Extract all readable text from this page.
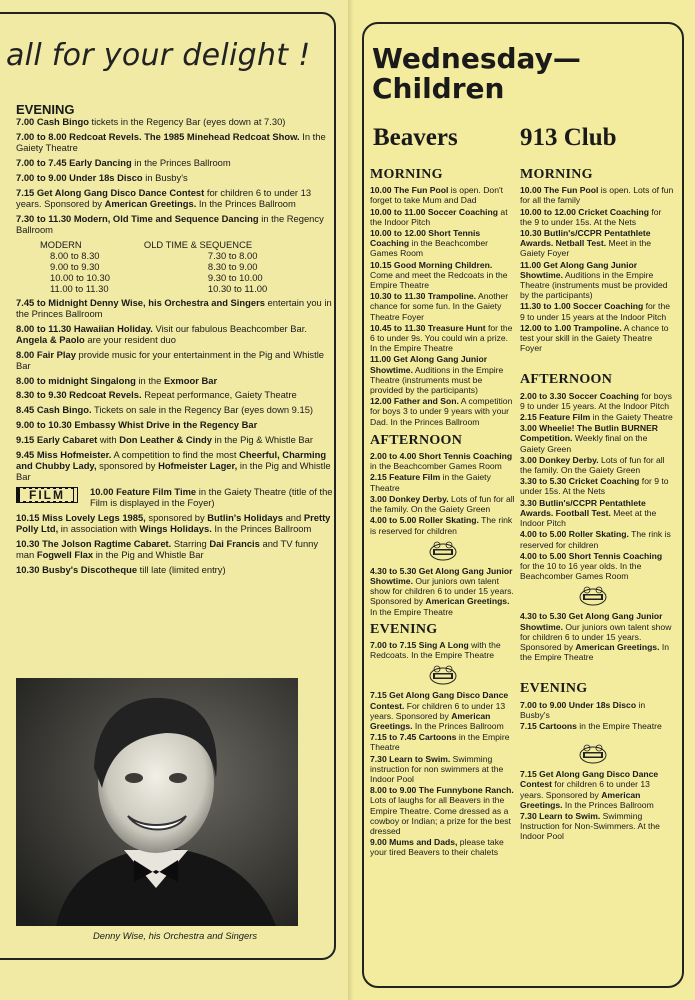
all for your delight !
EVENING
7.00 Cash Bingo tickets in the Regency Bar (eyes down at 7.30)
7.00 to 8.00 Redcoat Revels. The 1985 Minehead Redcoat Show. In the Gaiety Theatre
7.00 to 7.45 Early Dancing in the Princes Ballroom
7.00 to 9.00 Under 18s Disco in Busby's
7.15 Get Along Gang Disco Dance Contest for children 6 to under 13 years. Sponsored by American Greetings. In the Princes Ballroom
7.30 to 11.30 Modern, Old Time and Sequence Dancing in the Regency Ballroom
MODERN
8.00 to 8.30
9.00 to 9.30
10.00 to 10.30
11.00 to 11.30
OLD TIME & SEQUENCE
7.30 to 8.00
8.30 to 9.00
9.30 to 10.00
10.30 to 11.00
7.45 to Midnight Denny Wise, his Orchestra and Singers entertain you in the Princes Ballroom
8.00 to 11.30 Hawaiian Holiday. Visit our fabulous Beachcomber Bar. Angela & Paolo are your resident duo
8.00 Fair Play provide music for your entertainment in the Pig and Whistle Bar
8.00 to midnight Singalong in the Exmoor Bar
8.30 to 9.30 Redcoat Revels. Repeat performance, Gaiety Theatre
8.45 Cash Bingo. Tickets on sale in the Regency Bar (eyes down 9.15)
9.00 to 10.30 Embassy Whist Drive in the Regency Bar
9.15 Early Cabaret with Don Leather & Cindy in the Pig & Whistle Bar
9.45 Miss Hofmeister. A competition to find the most Cheerful, Charming and Chubby Lady, sponsored by Hofmeister Lager, in the Pig and Whistle Bar
FILM	10.00 Feature Film Time in the Gaiety Theatre (title of the Film is displayed in the Foyer)
10.15 Miss Lovely Legs 1985, sponsored by Butlin's Holidays and Pretty Polly Ltd, in association with Wings Holidays. In the Princes Ballroom
10.30 The Jolson Ragtime Cabaret. Starring Dai Francis and TV funny man Fogwell Flax in the Pig and Whistle Bar
10.30 Busby's Discotheque till late (limited entry)
Denny Wise, his Orchestra and Singers
Wednesday—
Children
Beavers 913 Club
MORNING
10.00 The Fun Pool is open. Don't forget to take Mum and Dad
10.00 to 11.00 Soccer Coaching at the Indoor Pitch
10.00 to 12.00 Short Tennis Coaching in the Beachcomber Games Room
10.15 Good Morning Children. Come and meet the Redcoats in the Empire Theatre
10.30 to 11.30 Trampoline. Another chance for some fun. In the Gaiety Theatre Foyer
10.45 to 11.30 Treasure Hunt for the 6 to under 9s. You could win a prize. In the Empire Theatre
11.00 Get Along Gang Junior Showtime. Auditions in the Empire Theatre (instruments must be provided by the participants)
12.00 Father and Son. A competition for boys 3 to under 9 years with your Dad. In the Princes Ballroom
AFTERNOON
2.00 to 4.00 Short Tennis Coaching in the Beachcomber Games Room
2.15 Feature Film in the Gaiety Theatre
3.00 Donkey Derby. Lots of fun for all the family. On the Gaiety Green
4.00 to 5.00 Roller Skating. The rink is reserved for children
4.30 to 5.30 Get Along Gang Junior Showtime. Our juniors own talent show for children 6 to under 15 years. Sponsored by American Greetings. In the Empire Theatre
EVENING
7.00 to 7.15 Sing A Long with the Redcoats. In the Empire Theatre
7.15 Get Along Gang Disco Dance Contest. For children 6 to under 13 years. Sponsored by American Greetings. In the Princes Ballroom
7.15 to 7.45 Cartoons in the Empire Theatre
7.30 Learn to Swim. Swimming instruction for non swimmers at the Indoor Pool
8.00 to 9.00 The Funnybone Ranch. Lots of laughs for all Beavers in the Empire Theatre. Come dressed as a cowboy or Indian; a prize for the best dressed
9.00 Mums and Dads, please take your tired Beavers to their chalets
MORNING
10.00 The Fun Pool is open. Lots of fun for all the family
10.00 to 12.00 Cricket Coaching for the 9 to under 15s. At the Nets
10.30 Butlin's/CCPR Pentathlete Awards. Netball Test. Meet in the Gaiety Foyer
11.00 Get Along Gang Junior Showtime. Auditions in the Empire Theatre (instruments must be provided by the participants)
11.30 to 1.00 Soccer Coaching for the 9 to under 15 years at the Indoor Pitch
12.00 to 1.00 Trampoline. A chance to test your skill in the Gaiety Theatre Foyer
AFTERNOON
2.00 to 3.30 Soccer Coaching for boys 9 to under 15 years. At the Indoor Pitch
2.15 Feature Film in the Gaiety Theatre
3.00 Wheelie! The Butlin BURNER Competition. Weekly final on the Gaiety Green
3.00 Donkey Derby. Lots of fun for all the family. On the Gaiety Green
3.30 to 5.30 Cricket Coaching for 9 to under 15s. At the Nets
3.30 Butlin's/CCPR Pentathlete Awards. Football Test. Meet at the Indoor Pitch
4.00 to 5.00 Roller Skating. The rink is reserved for children
4.00 to 5.00 Short Tennis Coaching for the 10 to 16 year olds. In the Beachcomber Games Room
4.30 to 5.30 Get Along Gang Junior Showtime. Our juniors own talent show for children 6 to under 15 years. Sponsored by American Greetings. In the Empire Theatre
EVENING
7.00 to 9.00 Under 18s Disco in Busby's
7.15 Cartoons in the Empire Theatre
7.15 Get Along Gang Disco Dance Contest for children 6 to under 13 years. Sponsored by American Greetings. In the Princes Ballroom
7.30 Learn to Swim. Swimming Instruction for Non-Swimmers. At the Indoor Pool
